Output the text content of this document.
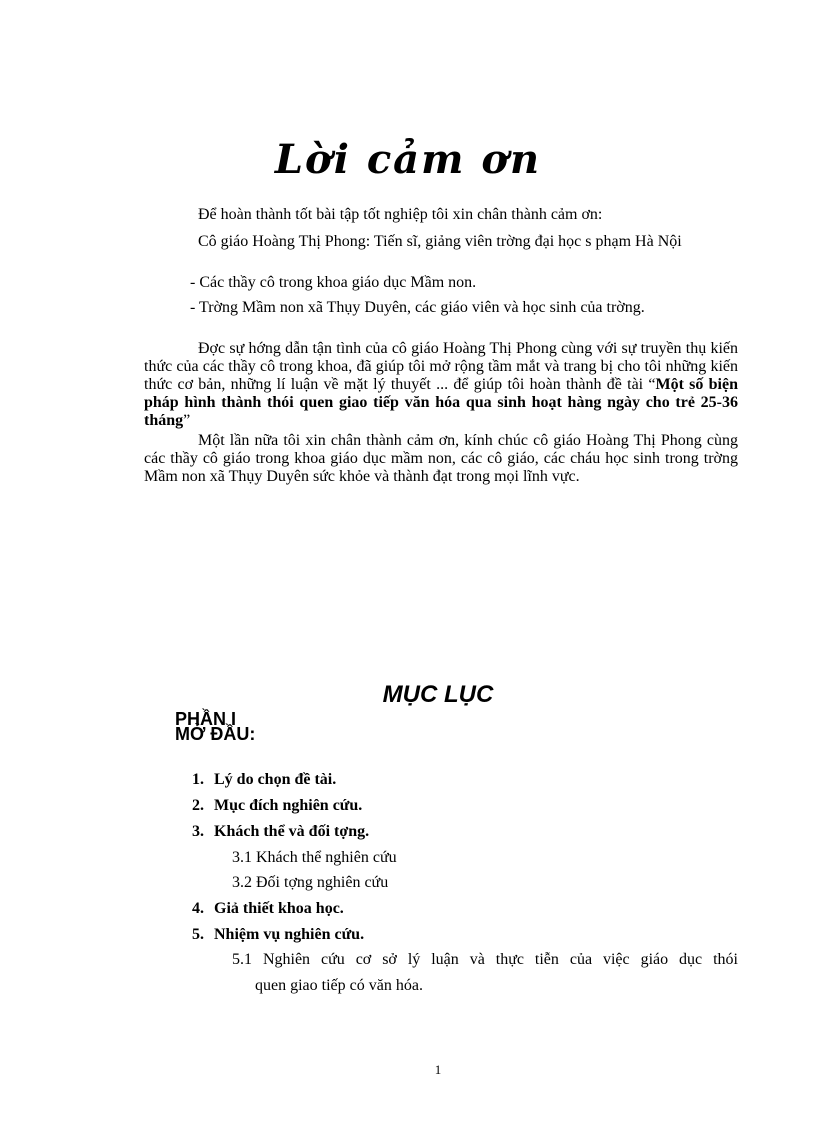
Lời cảm ơn
Để hoàn thành tốt bài tập tốt nghiệp tôi xin chân thành cảm ơn:
Cô giáo Hoàng Thị Phong: Tiến sĩ, giảng viên trờng đại học s phạm Hà Nội
- Các thầy cô trong khoa giáo dục Mầm non.
- Trờng Mầm non xã Thụy Duyên, các giáo viên và học sinh của trờng.
Đợc sự hớng dẫn tận tình của cô giáo Hoàng Thị Phong cùng với sự truyền thụ kiến thức của các thầy cô trong khoa, đã giúp tôi mở rộng tầm mắt và trang bị cho tôi những kiến thức cơ bản, những lí luận về mặt lý thuyết ... để giúp tôi hoàn thành đề tài “Một số biện pháp hình thành thói quen giao tiếp văn hóa qua sinh hoạt hàng ngày cho trẻ 25-36 tháng”
Một lần nữa tôi xin chân thành cảm ơn, kính chúc cô giáo Hoàng Thị Phong cùng các thầy cô giáo trong khoa giáo dục mầm non, các cô giáo, các cháu học sinh trong trờng Mầm non xã Thụy Duyên sức khỏe và thành đạt trong mọi lĩnh vực.
MỤC LỤC
PHẦN I
MỞ ĐẦU:
1. Lý do chọn đề tài.
2. Mục đích nghiên cứu.
3. Khách thể và đối tợng.
3.1 Khách thể nghiên cứu
3.2 Đối tợng nghiên cứu
4. Giả thiết khoa học.
5. Nhiệm vụ nghiên cứu.
5.1 Nghiên cứu cơ sở lý luận và thực tiễn của việc giáo dục thói
quen giao tiếp có văn hóa.
1
